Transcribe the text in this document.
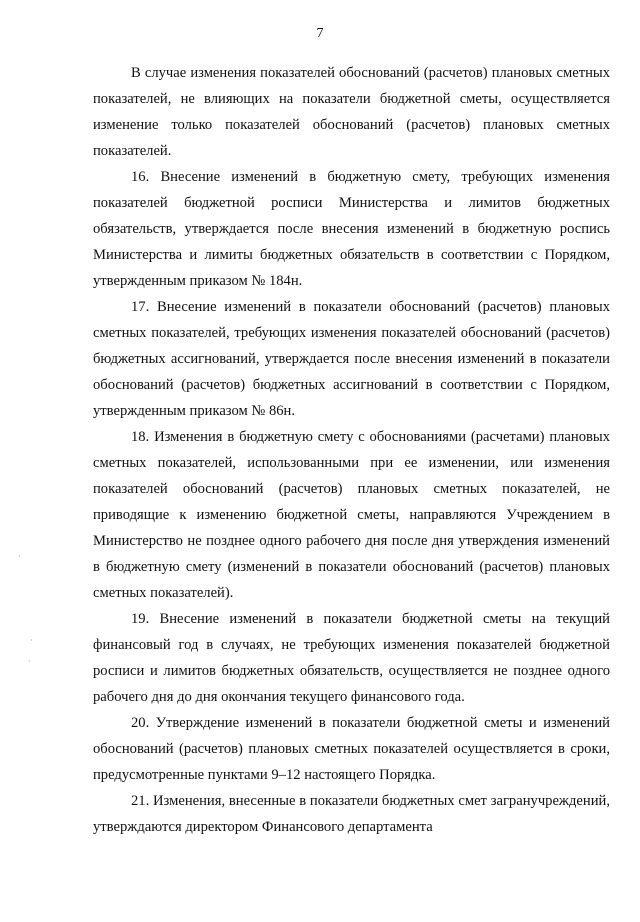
7

В случае изменения показателей обоснований (расчетов) плановых сметных показателей, не влияющих на показатели бюджетной сметы, осуществляется изменение только показателей обоснований (расчетов) плановых сметных показателей.

16. Внесение изменений в бюджетную смету, требующих изменения показателей бюджетной росписи Министерства и лимитов бюджетных обязательств, утверждается после внесения изменений в бюджетную роспись Министерства и лимиты бюджетных обязательств в соответствии с Порядком, утвержденным приказом № 184н.

17. Внесение изменений в показатели обоснований (расчетов) плановых сметных показателей, требующих изменения показателей обоснований (расчетов) бюджетных ассигнований, утверждается после внесения изменений в показатели обоснований (расчетов) бюджетных ассигнований в соответствии с Порядком, утвержденным приказом № 86н.

18. Изменения в бюджетную смету с обоснованиями (расчетами) плановых сметных показателей, использованными при ее изменении, или изменения показателей обоснований (расчетов) плановых сметных показателей, не приводящие к изменению бюджетной сметы, направляются Учреждением в Министерство не позднее одного рабочего дня после дня утверждения изменений в бюджетную смету (изменений в показатели обоснований (расчетов) плановых сметных показателей).

19. Внесение изменений в показатели бюджетной сметы на текущий финансовый год в случаях, не требующих изменения показателей бюджетной росписи и лимитов бюджетных обязательств, осуществляется не позднее одного рабочего дня до дня окончания текущего финансового года.

20. Утверждение изменений в показатели бюджетной сметы и изменений обоснований (расчетов) плановых сметных показателей осуществляется в сроки, предусмотренные пунктами 9–12 настоящего Порядка.

21. Изменения, внесенные в показатели бюджетных смет загранучреждений, утверждаются директором Финансового департамента

·
·
·
